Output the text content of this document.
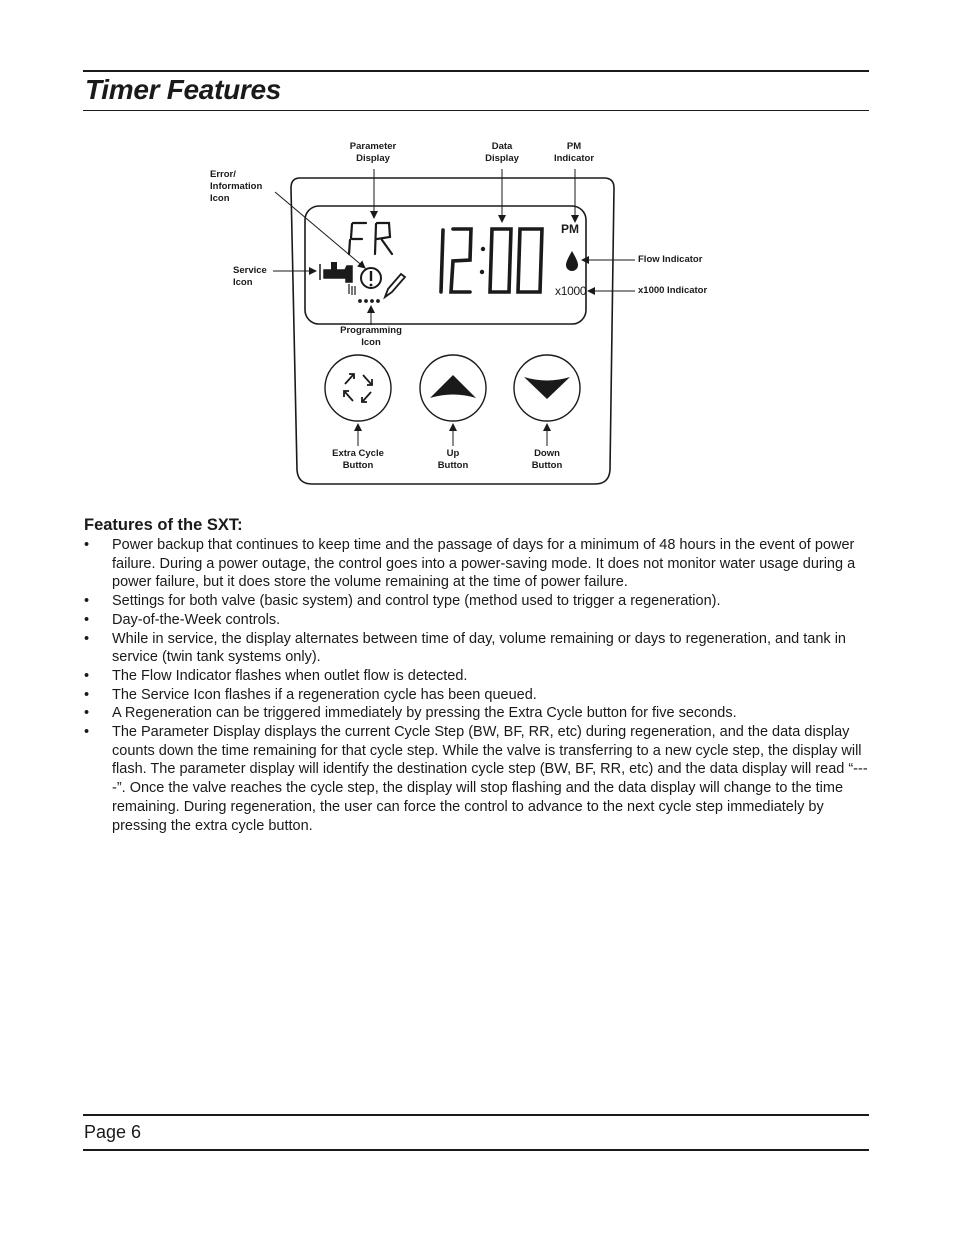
Timer Features
PM
x1000
Parameter
Display
Data
Display
PM
Indicator
Error/
Information
Icon
Service
Icon
Flow Indicator
x1000 Indicator
Programming
Icon
Extra Cycle
Button
Up
Button
Down
Button
Features of the SXT:
• Power backup that continues to keep time and the passage of days for a minimum of 48 hours in the event of power failure. During a power outage, the control goes into a power-saving mode. It does not monitor water usage during a power failure, but it does store the volume remaining at the time of power failure.
• Settings for both valve (basic system) and control type (method used to trigger a regeneration).
• Day-of-the-Week controls.
• While in service, the display alternates between time of day, volume remaining or days to regeneration, and tank in service (twin tank systems only).
• The Flow Indicator flashes when outlet flow is detected.
• The Service Icon flashes if a regeneration cycle has been queued.
• A Regeneration can be triggered immediately by pressing the Extra Cycle button for five seconds.
• The Parameter Display displays the current Cycle Step (BW, BF, RR, etc) during regeneration, and the data display counts down the time remaining for that cycle step. While the valve is transferring to a new cycle step, the display will flash. The parameter display will identify the destination cycle step (BW, BF, RR, etc) and the data display will read “----”. Once the valve reaches the cycle step, the display will stop flashing and the data display will change to the time remaining. During regeneration, the user can force the control to advance to the next cycle step immediately by pressing the extra cycle button.
Page 6
